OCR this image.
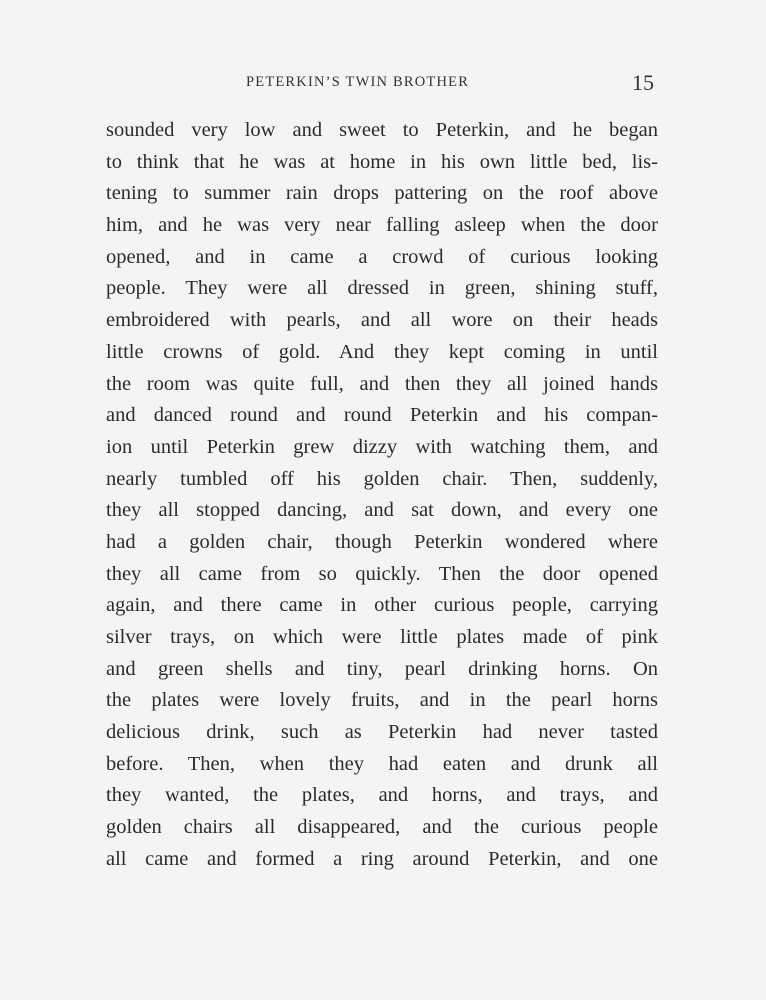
PETERKIN’S TWIN BROTHER	15
sounded very low and sweet to Peterkin, and he began
to think that he was at home in his own little bed, lis-
tening to summer rain drops pattering on the roof above
him, and he was very near falling asleep when the door
opened, and in came a crowd of curious looking
people. They were all dressed in green, shining stuff,
embroidered with pearls, and all wore on their heads
little crowns of gold. And they kept coming in until
the room was quite full, and then they all joined hands
and danced round and round Peterkin and his compan-
ion until Peterkin grew dizzy with watching them, and
nearly tumbled off his golden chair. Then, suddenly,
they all stopped dancing, and sat down, and every one
had a golden chair, though Peterkin wondered where
they all came from so quickly. Then the door opened
again, and there came in other curious people, carrying
silver trays, on which were little plates made of pink
and green shells and tiny, pearl drinking horns. On
the plates were lovely fruits, and in the pearl horns
delicious drink, such as Peterkin had never tasted
before. Then, when they had eaten and drunk all
they wanted, the plates, and horns, and trays, and
golden chairs all disappeared, and the curious people
all came and formed a ring around Peterkin, and one
